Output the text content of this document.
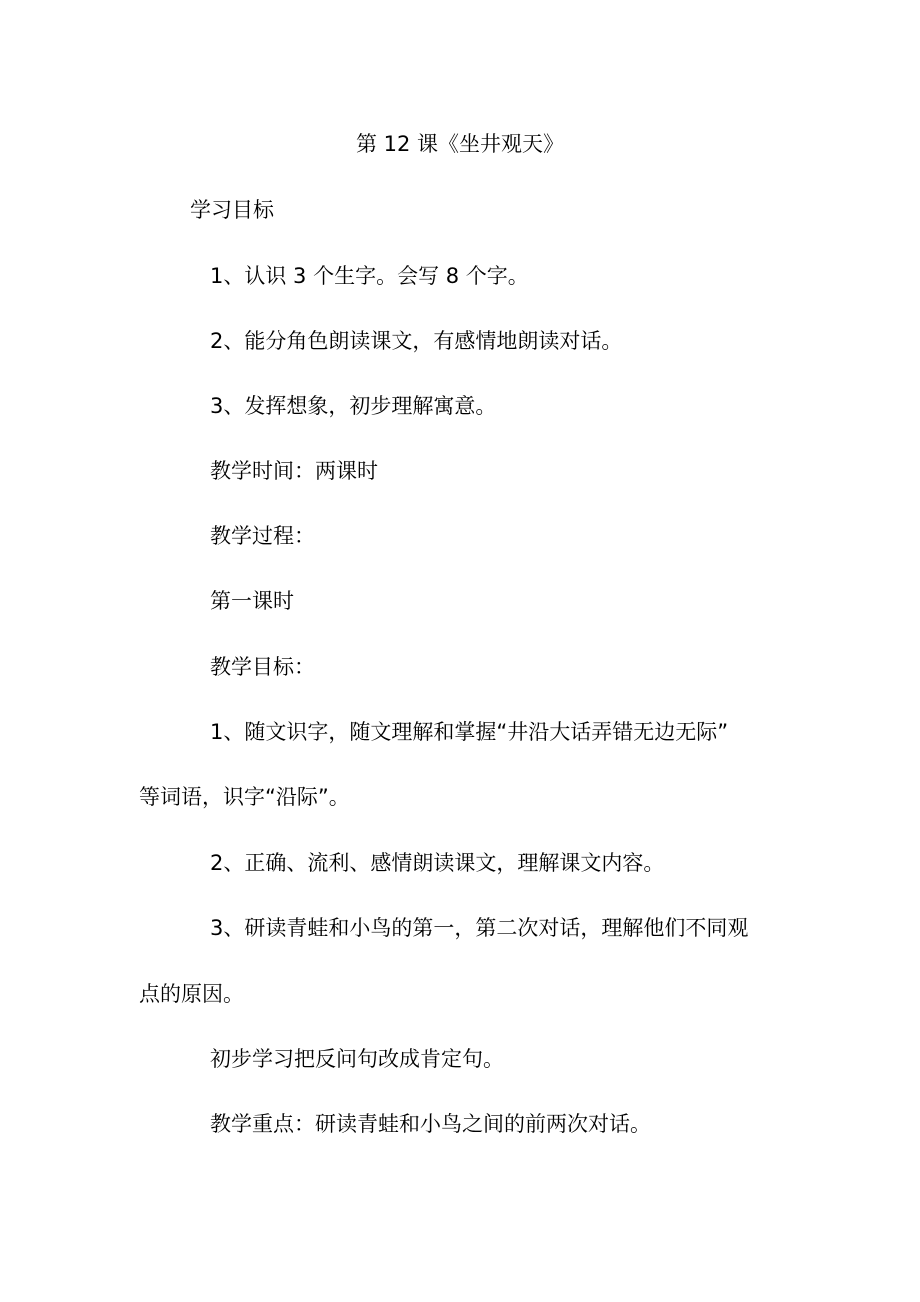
第 12 课《坐井观天》
学习目标
1、认识 3 个生字。会写 8 个字。
2、能分角色朗读课文，有感情地朗读对话。
3、发挥想象，初步理解寓意。
教学时间：两课时
教学过程：
第一课时
教学目标：
1、随文识字，随文理解和掌握“井沿大话弄错无边无际”
等词语，识字“沿际”。
2、正确、流利、感情朗读课文，理解课文内容。
3、研读青蛙和小鸟的第一，第二次对话，理解他们不同观
点的原因。
初步学习把反问句改成肯定句。
教学重点：研读青蛙和小鸟之间的前两次对话。
